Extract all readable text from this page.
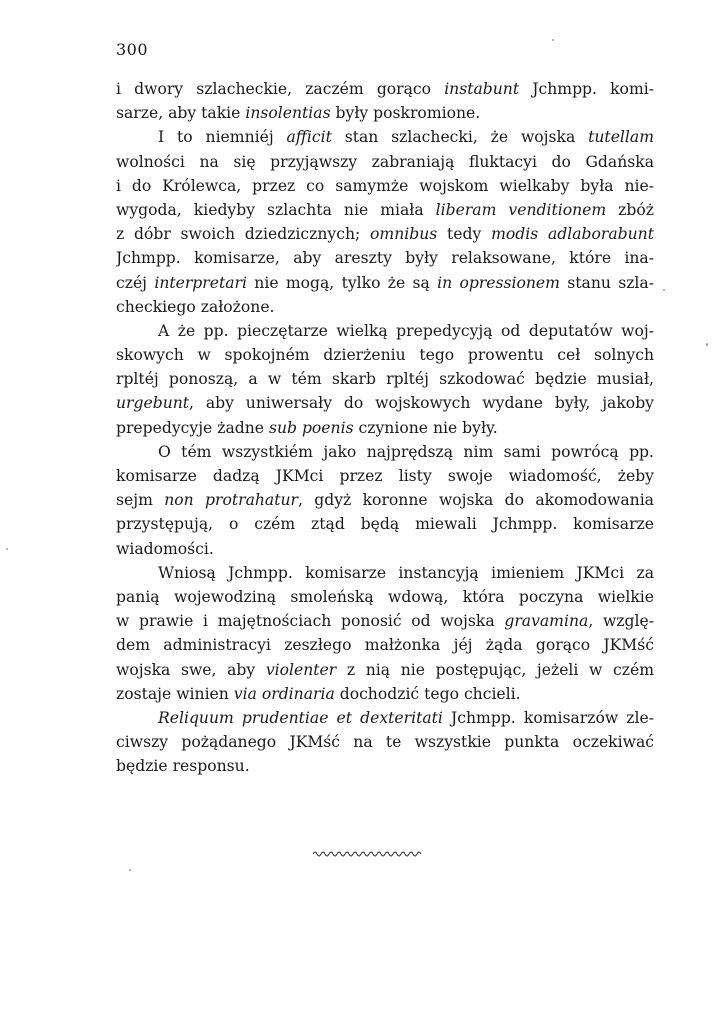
300
i dwory szlacheckie, zaczém gorąco instabunt Jchmpp. komi-
sarze, aby takie insolentias były poskromione.
I to niemniéj afficit stan szlachecki, że wojska tutellam
wolności na się przyjąwszy zabraniają fluktacyi do Gdańska
i do Królewca, przez co samymże wojskom wielkaby była nie-
wygoda, kiedyby szlachta nie miała liberam venditionem zbóż
z dóbr swoich dziedzicznych; omnibus tedy modis adlaborabunt
Jchmpp. komisarze, aby areszty były relaksowane, które ina-
czéj interpretari nie mogą, tylko że są in opressionem stanu szla-
checkiego założone.
A że pp. pieczętarze wielką prepedycyją od deputatów woj-
skowych w spokojném dzierżeniu tego prowentu ceł solnych
rpltéj ponoszą, a w tém skarb rpltéj szkodować będzie musiał,
urgebunt, aby uniwersały do wojskowych wydane były, jakoby
prepedycyje żadne sub poenis czynione nie były.
O tém wszystkiém jako najprędszą nim sami powrócą pp.
komisarze dadzą JKMci przez listy swoje wiadomość, żeby
sejm non protrahatur, gdyż koronne wojska do akomodowania
przystępują, o czém ztąd będą miewali Jchmpp. komisarze
wiadomości.
Wniosą Jchmpp. komisarze instancyją imieniem JKMci za
panią wojewodziną smoleńską wdową, która poczyna wielkie
w prawie i majętnościach ponosić od wojska gravamina, wzglę-
dem administracyi zeszłego małżonka jéj żąda gorąco JKMść
wojska swe, aby violenter z nią nie postępując, jeżeli w czém
zostaje winien via ordinaria dochodzić tego chcieli.
Reliquum prudentiae et dexteritati Jchmpp. komisarzów zle-
ciwszy pożądanego JKMść na te wszystkie punkta oczekiwać
będzie responsu.
